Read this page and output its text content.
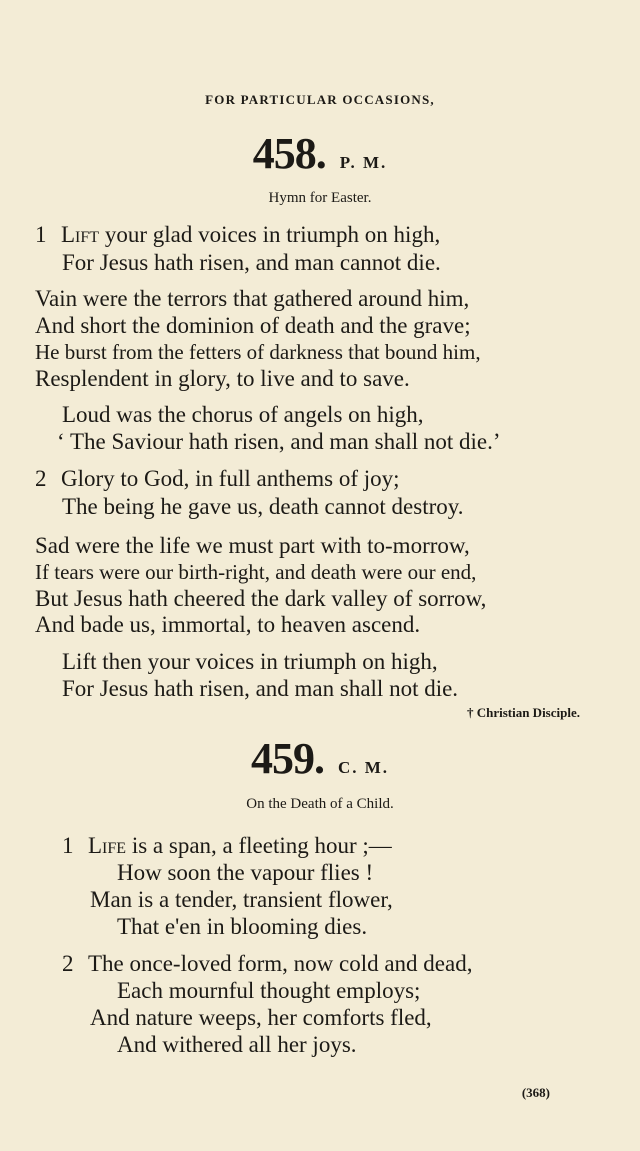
FOR PARTICULAR OCCASIONS,
458. P. M.
Hymn for Easter.
1 Lift your glad voices in triumph on high,
For Jesus hath risen, and man cannot die.
Vain were the terrors that gathered around him,
And short the dominion of death and the grave;
He burst from the fetters of darkness that bound him,
Resplendent in glory, to live and to save.
Loud was the chorus of angels on high,
‘ The Saviour hath risen, and man shall not die.’
2 Glory to God, in full anthems of joy;
The being he gave us, death cannot destroy.
Sad were the life we must part with to-morrow,
If tears were our birth-right, and death were our end,
But Jesus hath cheered the dark valley of sorrow,
And bade us, immortal, to heaven ascend.
Lift then your voices in triumph on high,
For Jesus hath risen, and man shall not die.
† Christian Disciple.
459. C. M.
On the Death of a Child.
1 Life is a span, a fleeting hour ;—
How soon the vapour flies !
Man is a tender, transient flower,
That e'en in blooming dies.
2 The once-loved form, now cold and dead,
Each mournful thought employs;
And nature weeps, her comforts fled,
And withered all her joys.
(368)
